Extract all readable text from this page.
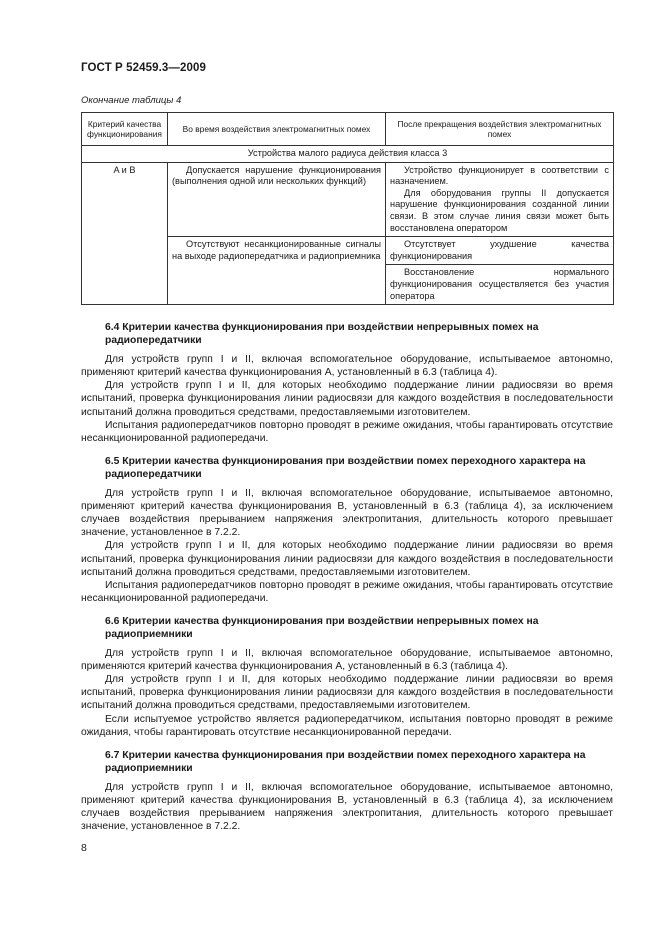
ГОСТ Р 52459.3—2009
Окончание таблицы 4
Критерий качества функционирования	Во время воздействия электромагнитных помех	После прекращения воздействия электромагнитных помех
Устройства малого радиуса действия класса 3		
A и B	Допускается нарушение функционирования (выполнения одной или нескольких функций)	Устройство функционирует в соответствии с назначением.

Для оборудования группы II допускается нарушение функционирования созданной линии связи. В этом случае линия связи может быть восстановлена оператором

	Отсутствуют несанкционированные сигналы на выходе радиопередатчика и радиоприемника	Отсутствует ухудшение качества функционирования

		Восстановление нормального функционирования осуществляется без участия оператора

6.4 Критерии качества функционирования при воздействии непрерывных помех на радиопередатчики

Для устройств групп I и II, включая вспомогательное оборудование, испытываемое автономно, применяют критерий качества функционирования А, установленный в 6.3 (таблица 4).

Для устройств групп I и II, для которых необходимо поддержание линии радиосвязи во время испытаний, проверка функционирования линии радиосвязи для каждого воздействия в последовательности испытаний должна проводиться средствами, предоставляемыми изготовителем.

Испытания радиопередатчиков повторно проводят в режиме ожидания, чтобы гарантировать отсутствие несанкционированной радиопередачи.

6.5 Критерии качества функционирования при воздействии помех переходного характера на радиопередатчики

Для устройств групп I и II, включая вспомогательное оборудование, испытываемое автономно, применяют критерий качества функционирования В, установленный в 6.3 (таблица 4), за исключением случаев воздействия прерыванием напряжения электропитания, длительность которого превышает значение, установленное в 7.2.2.

Для устройств групп I и II, для которых необходимо поддержание линии радиосвязи во время испытаний, проверка функционирования линии радиосвязи для каждого воздействия в последовательности испытаний должна проводиться средствами, предоставляемыми изготовителем.

Испытания радиопередатчиков повторно проводят в режиме ожидания, чтобы гарантировать отсутствие несанкционированной радиопередачи.

6.6 Критерии качества функционирования при воздействии непрерывных помех на радиоприемники

Для устройств групп I и II, включая вспомогательное оборудование, испытываемое автономно, применяются критерий качества функционирования А, установленный в 6.3 (таблица 4).

Для устройств групп I и II, для которых необходимо поддержание линии радиосвязи во время испытаний, проверка функционирования линии радиосвязи для каждого воздействия в последовательности испытаний должна проводиться средствами, предоставляемыми изготовителем.

Если испытуемое устройство является радиопередатчиком, испытания повторно проводят в режиме ожидания, чтобы гарантировать отсутствие несанкционированной передачи.

6.7 Критерии качества функционирования при воздействии помех переходного характера на радиоприемники

Для устройств групп I и II, включая вспомогательное оборудование, испытываемое автономно, применяют критерий качества функционирования В, установленный в 6.3 (таблица 4), за исключением случаев воздействия прерыванием напряжения электропитания, длительность которого превышает значение, установленное в 7.2.2.

8
